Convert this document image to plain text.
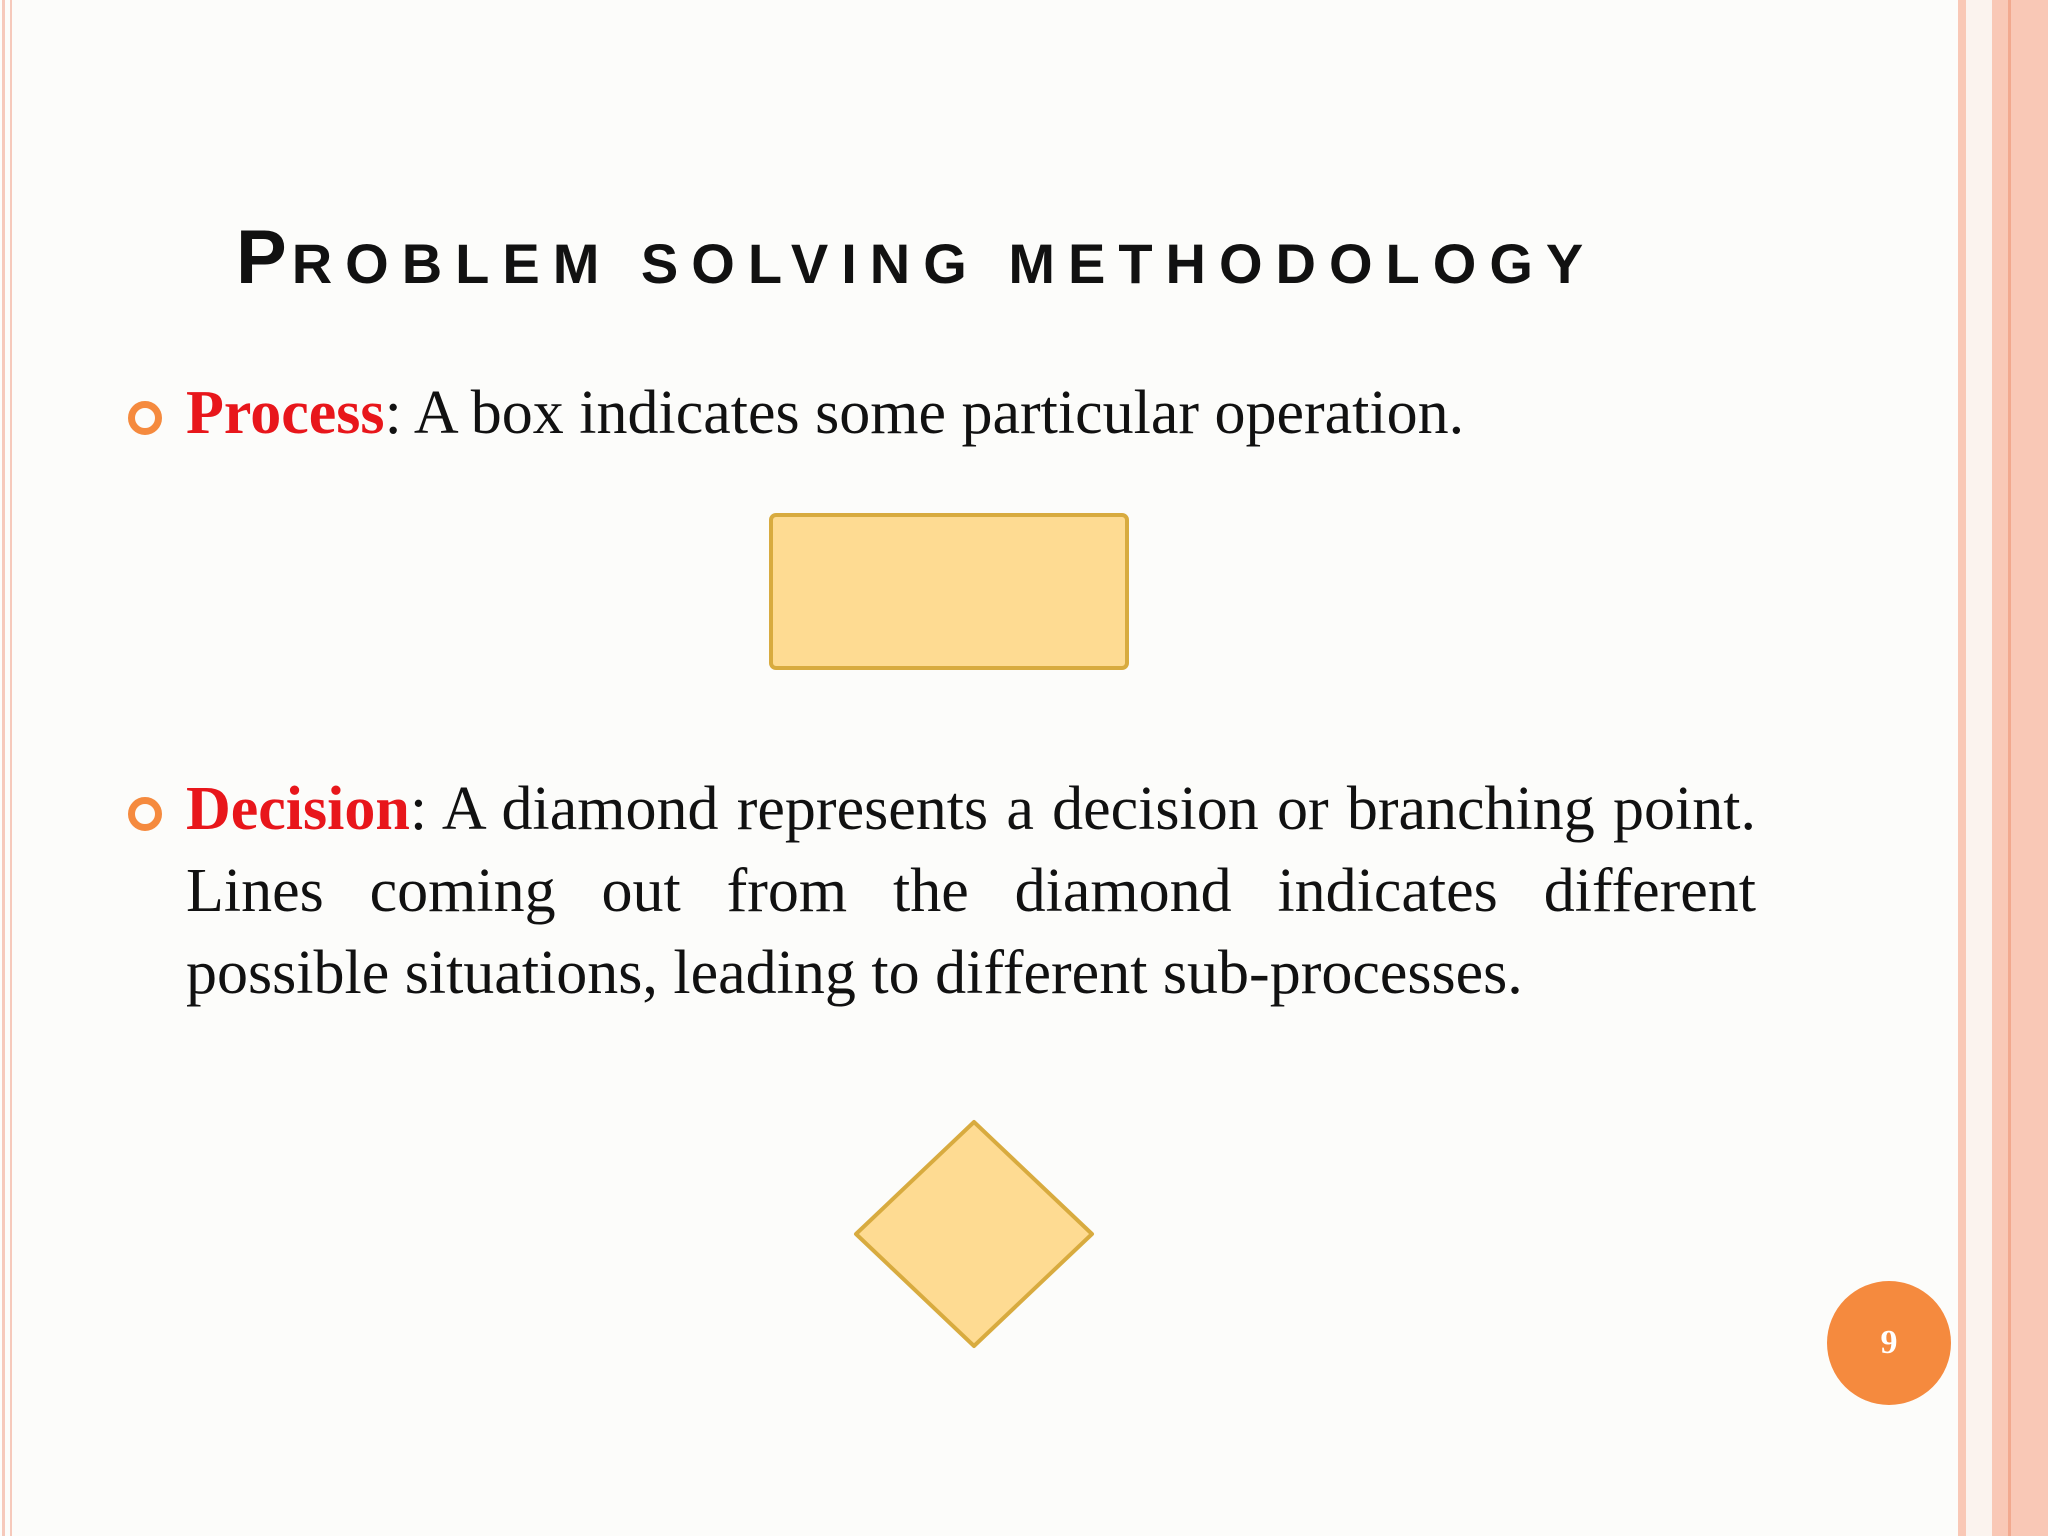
PROBLEM SOLVING METHODOLOGY
Process: A box indicates some particular operation.
Decision: A diamond represents a decision or branching point. Lines coming out from the diamond indicates different possible situations, leading to different sub-processes.
9
